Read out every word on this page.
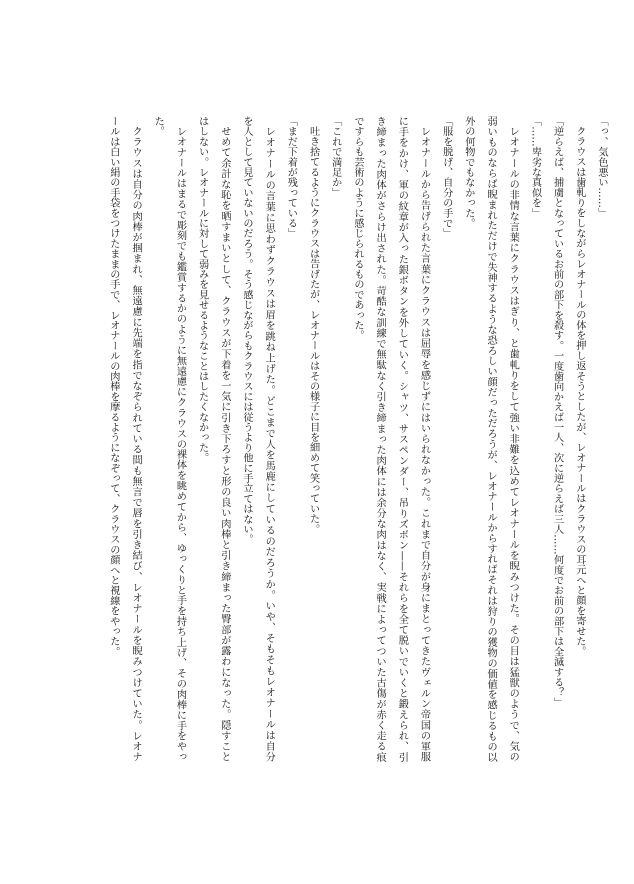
「っ、気色悪い……」
クラウスは歯軋りをしながらレオナールの体を押し返そうとしたが、レオナールはクラウスの耳元へと顔を寄せた。
「逆らえば、捕虜となっているお前の部下を殺す。一度歯向かえば一人、次に逆らえば三人……何度でお前の部下は全滅する？」
「……卑劣な真似を」
レオナールの非情な言葉にクラウスはぎり、と歯軋りをして強い非難を込めてレオナールを睨みつけた。その目は猛獣のようで、気の
弱いものならば睨まれただけで失神するような恐ろしい顔だっただろうが、レオナールからすればそれは狩りの獲物の価値を感じるもの以
外の何物でもなかった。
「服を脱げ、自分の手で」
レオナールから告げられた言葉にクラウスは屈辱を感じずにはいられなかった。これまで自分が身にまとってきたヴェルン帝国の軍服
に手をかけ、軍の紋章が入った銀ボタンを外していく。シャツ、サスペンダー、吊りズボン——それらを全て脱いでいくと鍛えられ、引
き締まった肉体がさらけ出された。苛酷な訓練で無駄なく引き締まった肉体には余分な肉はなく、実戦によってついた古傷が赤く走る痕
ですらも芸術のように感じられるものであった。
「これで満足か」
吐き捨てるようにクラウスは告げたが、レオナールはその様子に目を細めて笑っていた。
「まだ下着が残っている」
レオナールの言葉に思わずクラウスは眉を跳ね上げた。どこまで人を馬鹿にしているのだろうか。いや、そもそもレオナールは自分
を人として見ていないのだろう。そう感じながらもクラウスには従うより他に手立てはない。
せめて余計な恥を晒すまいとして、クラウスが下着を一気に引き下ろすと形の良い肉棒と引き締まった臀部が露わになった。隠すこと
はしない。レオナールに対して弱みを見せるようなことはしたくなかった。
レオナールはまるで彫刻でも鑑賞するかのように無遠慮にクラウスの裸体を眺めてから、ゆっくりと手を持ち上げ、その肉棒に手をやっ
た。
クラウスは自分の肉棒が掴まれ、無遠慮に先端を指でなぞられている間も無言で唇を引き結び、レオナールを睨みつけていた。レオナ
ールは白い絹の手袋をつけたままの手で、レオナールの肉棒を摩るようになぞって、クラウスの顔へと視線をやった。
